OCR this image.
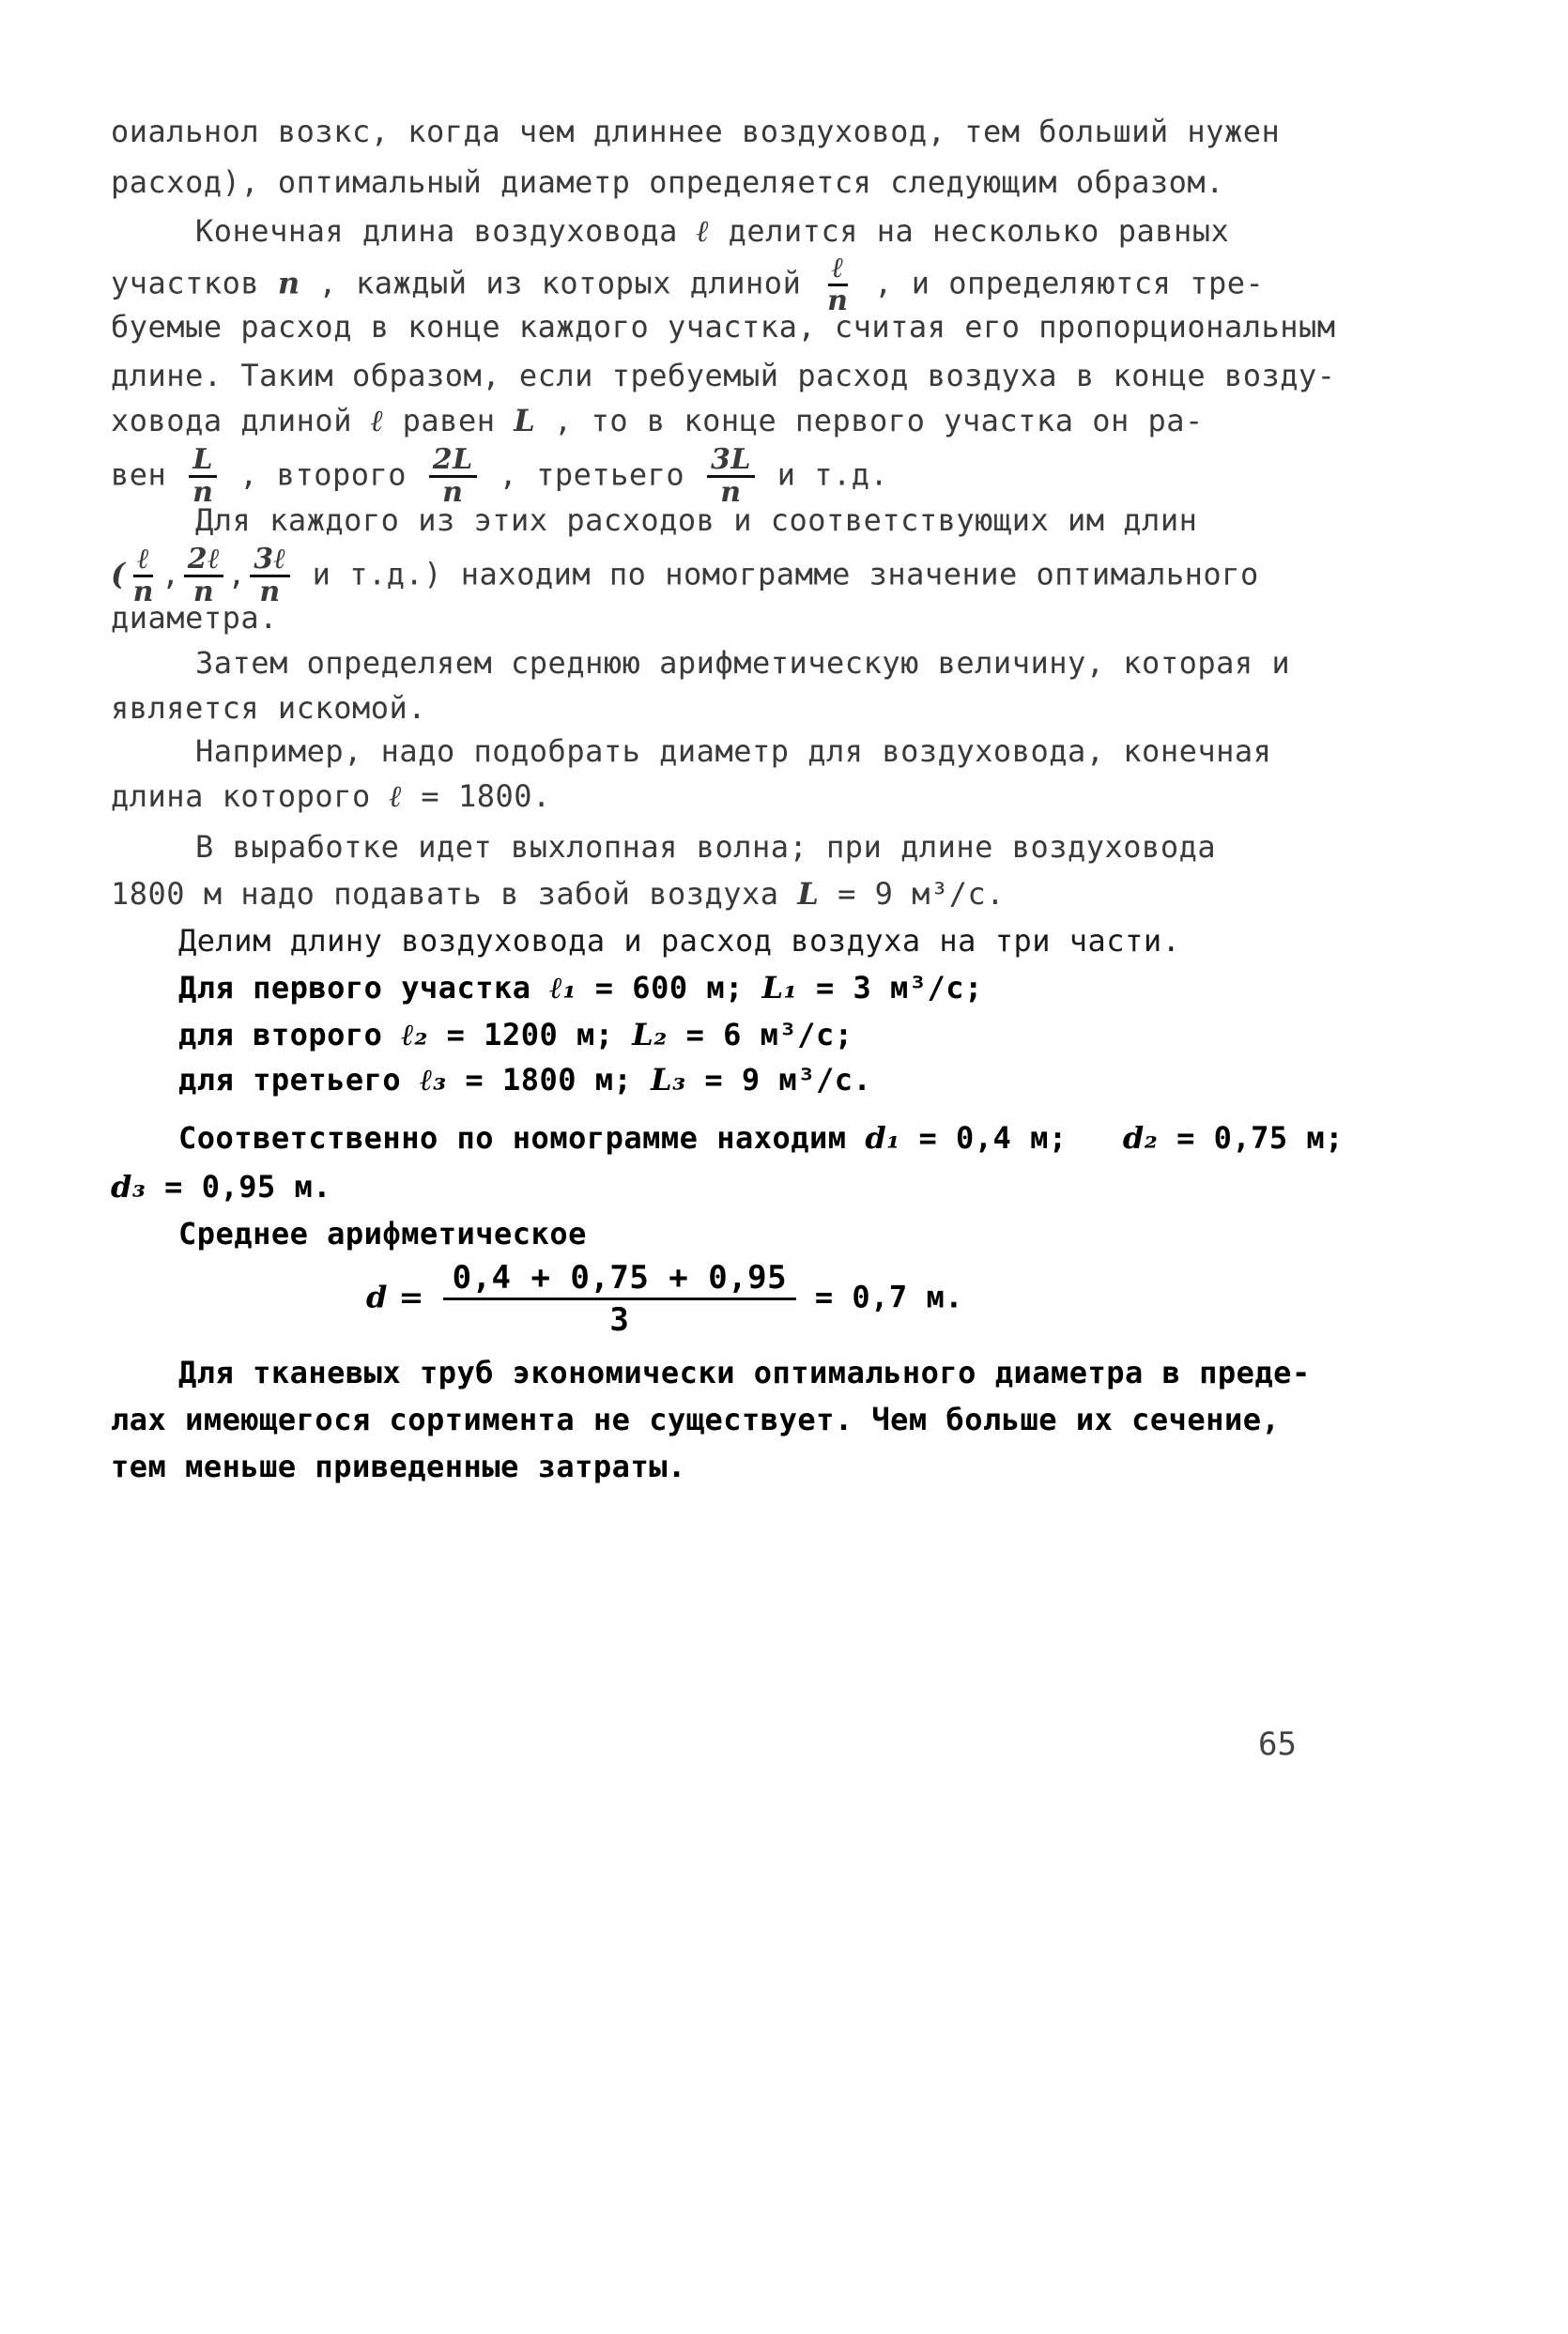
оиальнол возкс, когда чем длиннее воздуховод, тем больший нужен
расход), оптимальный диаметр определяется следующим образом.
Конечная длина воздуховода ℓ делится на несколько равных
участков n , каждый из которых длиной $\frac{\text{ℓ}}{n}$ , и определяются тре-
буемые расход в конце каждого участка, считая его пропорциональным
длине. Таким образом, если требуемый расход воздуха в конце возду-
ховода длиной ℓ равен L , то в конце первого участка он ра-
вен $\frac{L}{n}$ , второго $\frac{2L}{n}$ , третьего $\frac{3L}{n}$ и т.д.
Для каждого из этих расходов и соответствующих им длин
( $\frac{\text{ℓ}}{n}$ , $\frac{\text{2ℓ}}{n}$ , $\frac{\text{3ℓ}}{n}$ и т.д.) находим по номограмме значение оптимального
диаметра.
Затем определяем среднюю арифметическую величину, которая и
является искомой.
Например, надо подобрать диаметр для воздуховода, конечная
длина которого ℓ = 1800.
В выработке идет выхлопная волна; при длине воздуховода
1800 м надо подавать в забой воздуха L = 9 м³/с.
Делим длину воздуховода и расход воздуха на три части.
Для первого участка ℓ₁ = 600 м; L₁ = 3 м³/с;
для второго ℓ₂ = 1200 м; L₂ = 6 м³/с;
для третьего ℓ₃ = 1800 м; L₃ = 9 м³/с.
Соответственно по номограмме находим d₁ = 0,4 м; d₂ = 0,75 м;
d₃ = 0,95 м.
Среднее арифметическое
$d = \frac{0,4 + 0,75 + 0,95}{3} = 0,7$ м.
Для тканевых труб экономически оптимального диаметра в преде-
лах имеющегося сортимента не существует. Чем больше их сечение,
тем меньше приведенные затраты.
65
